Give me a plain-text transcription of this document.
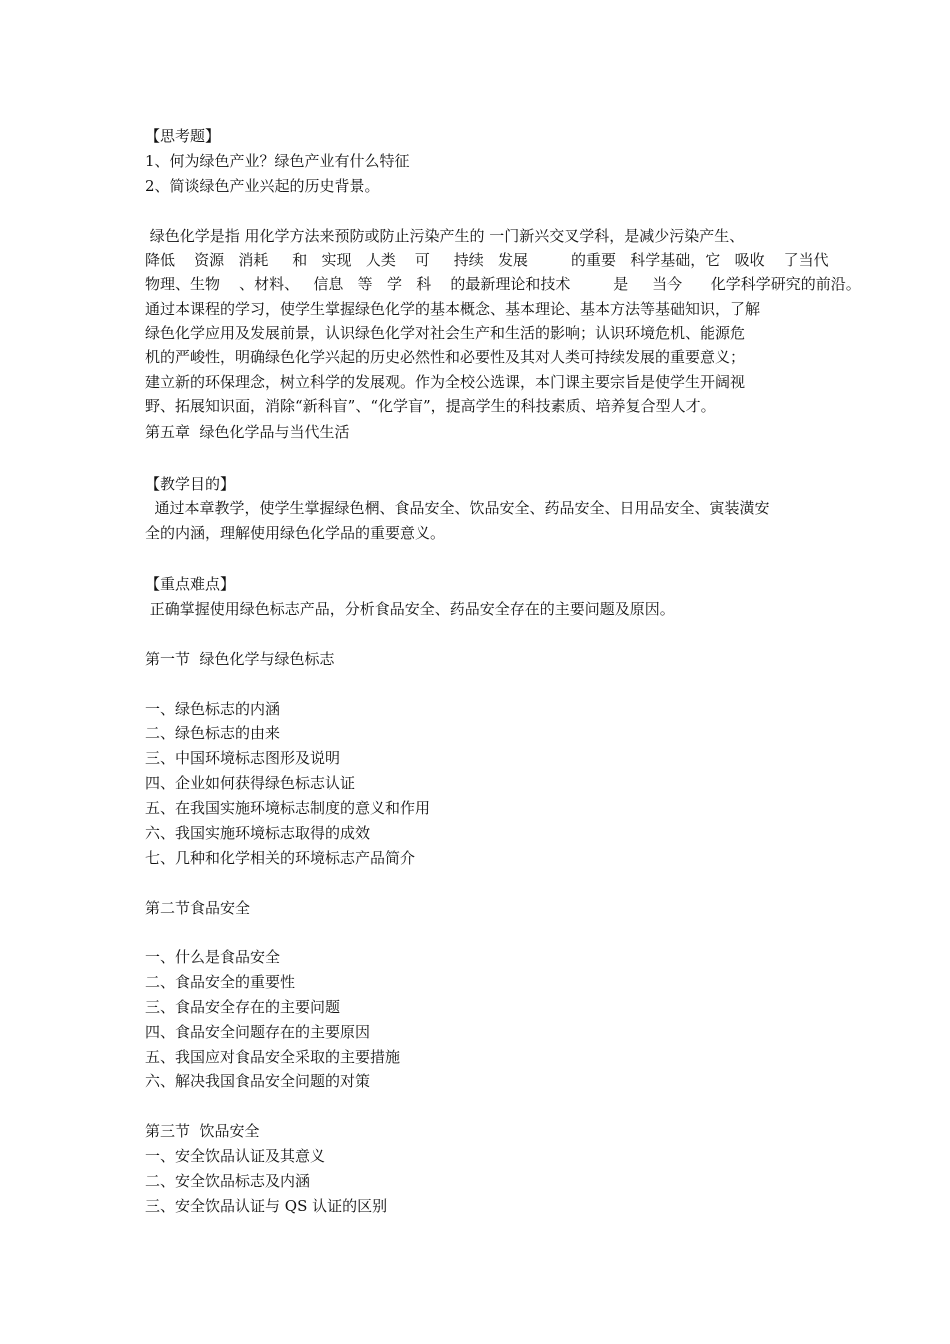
【思考题】
1、何为绿色产业？绿色产业有什么特征
2、简谈绿色产业兴起的历史背景。
绿色化学是指 用化学方法来预防或防止污染产生的 一门新兴交叉学科，是减少污染产生、
降低    资源   消耗     和   实现   人类    可     持续   发展         的重要   科学基础，它   吸收    了当代
物理、生物    、材料、   信息   等   学   科    的最新理论和技术         是     当今      化学科学研究的前沿。
通过本课程的学习，使学生掌握绿色化学的基本概念、基本理论、基本方法等基础知识，了解
绿色化学应用及发展前景，认识绿色化学对社会生产和生活的影响；认识环境危机、能源危
机的严峻性，明确绿色化学兴起的历史必然性和必要性及其对人类可持续发展的重要意义；
建立新的环保理念，树立科学的发展观。作为全校公选课，本门课主要宗旨是使学生开阔视
野、拓展知识面，消除“新科盲”、“化学盲”，提高学生的科技素质、培养复合型人才。
第五章  绿色化学品与当代生活
【教学目的】
通过本章教学，使学生掌握绿色棢、食品安全、饮品安全、药品安全、日用品安全、寅装潢安
全的内涵，理解使用绿色化学品的重要意义。
【重点难点】
正确掌握使用绿色标志产品，分析食品安全、药品安全存在的主要问题及原因。
第一节  绿色化学与绿色标志
一、绿色标志的内涵
二、绿色标志的由来
三、中国环境标志图形及说明
四、企业如何获得绿色标志认证
五、在我国实施环境标志制度的意义和作用
六、我国实施环境标志取得的成效
七、几种和化学相关的环境标志产品简介
第二节食品安全
一、什么是食品安全
二、食品安全的重要性
三、食品安全存在的主要问题
四、食品安全问题存在的主要原因
五、我国应对食品安全采取的主要措施
六、解决我国食品安全问题的对策
第三节  饮品安全
一、安全饮品认证及其意义
二、安全饮品标志及内涵
三、安全饮品认证与 QS 认证的区别
